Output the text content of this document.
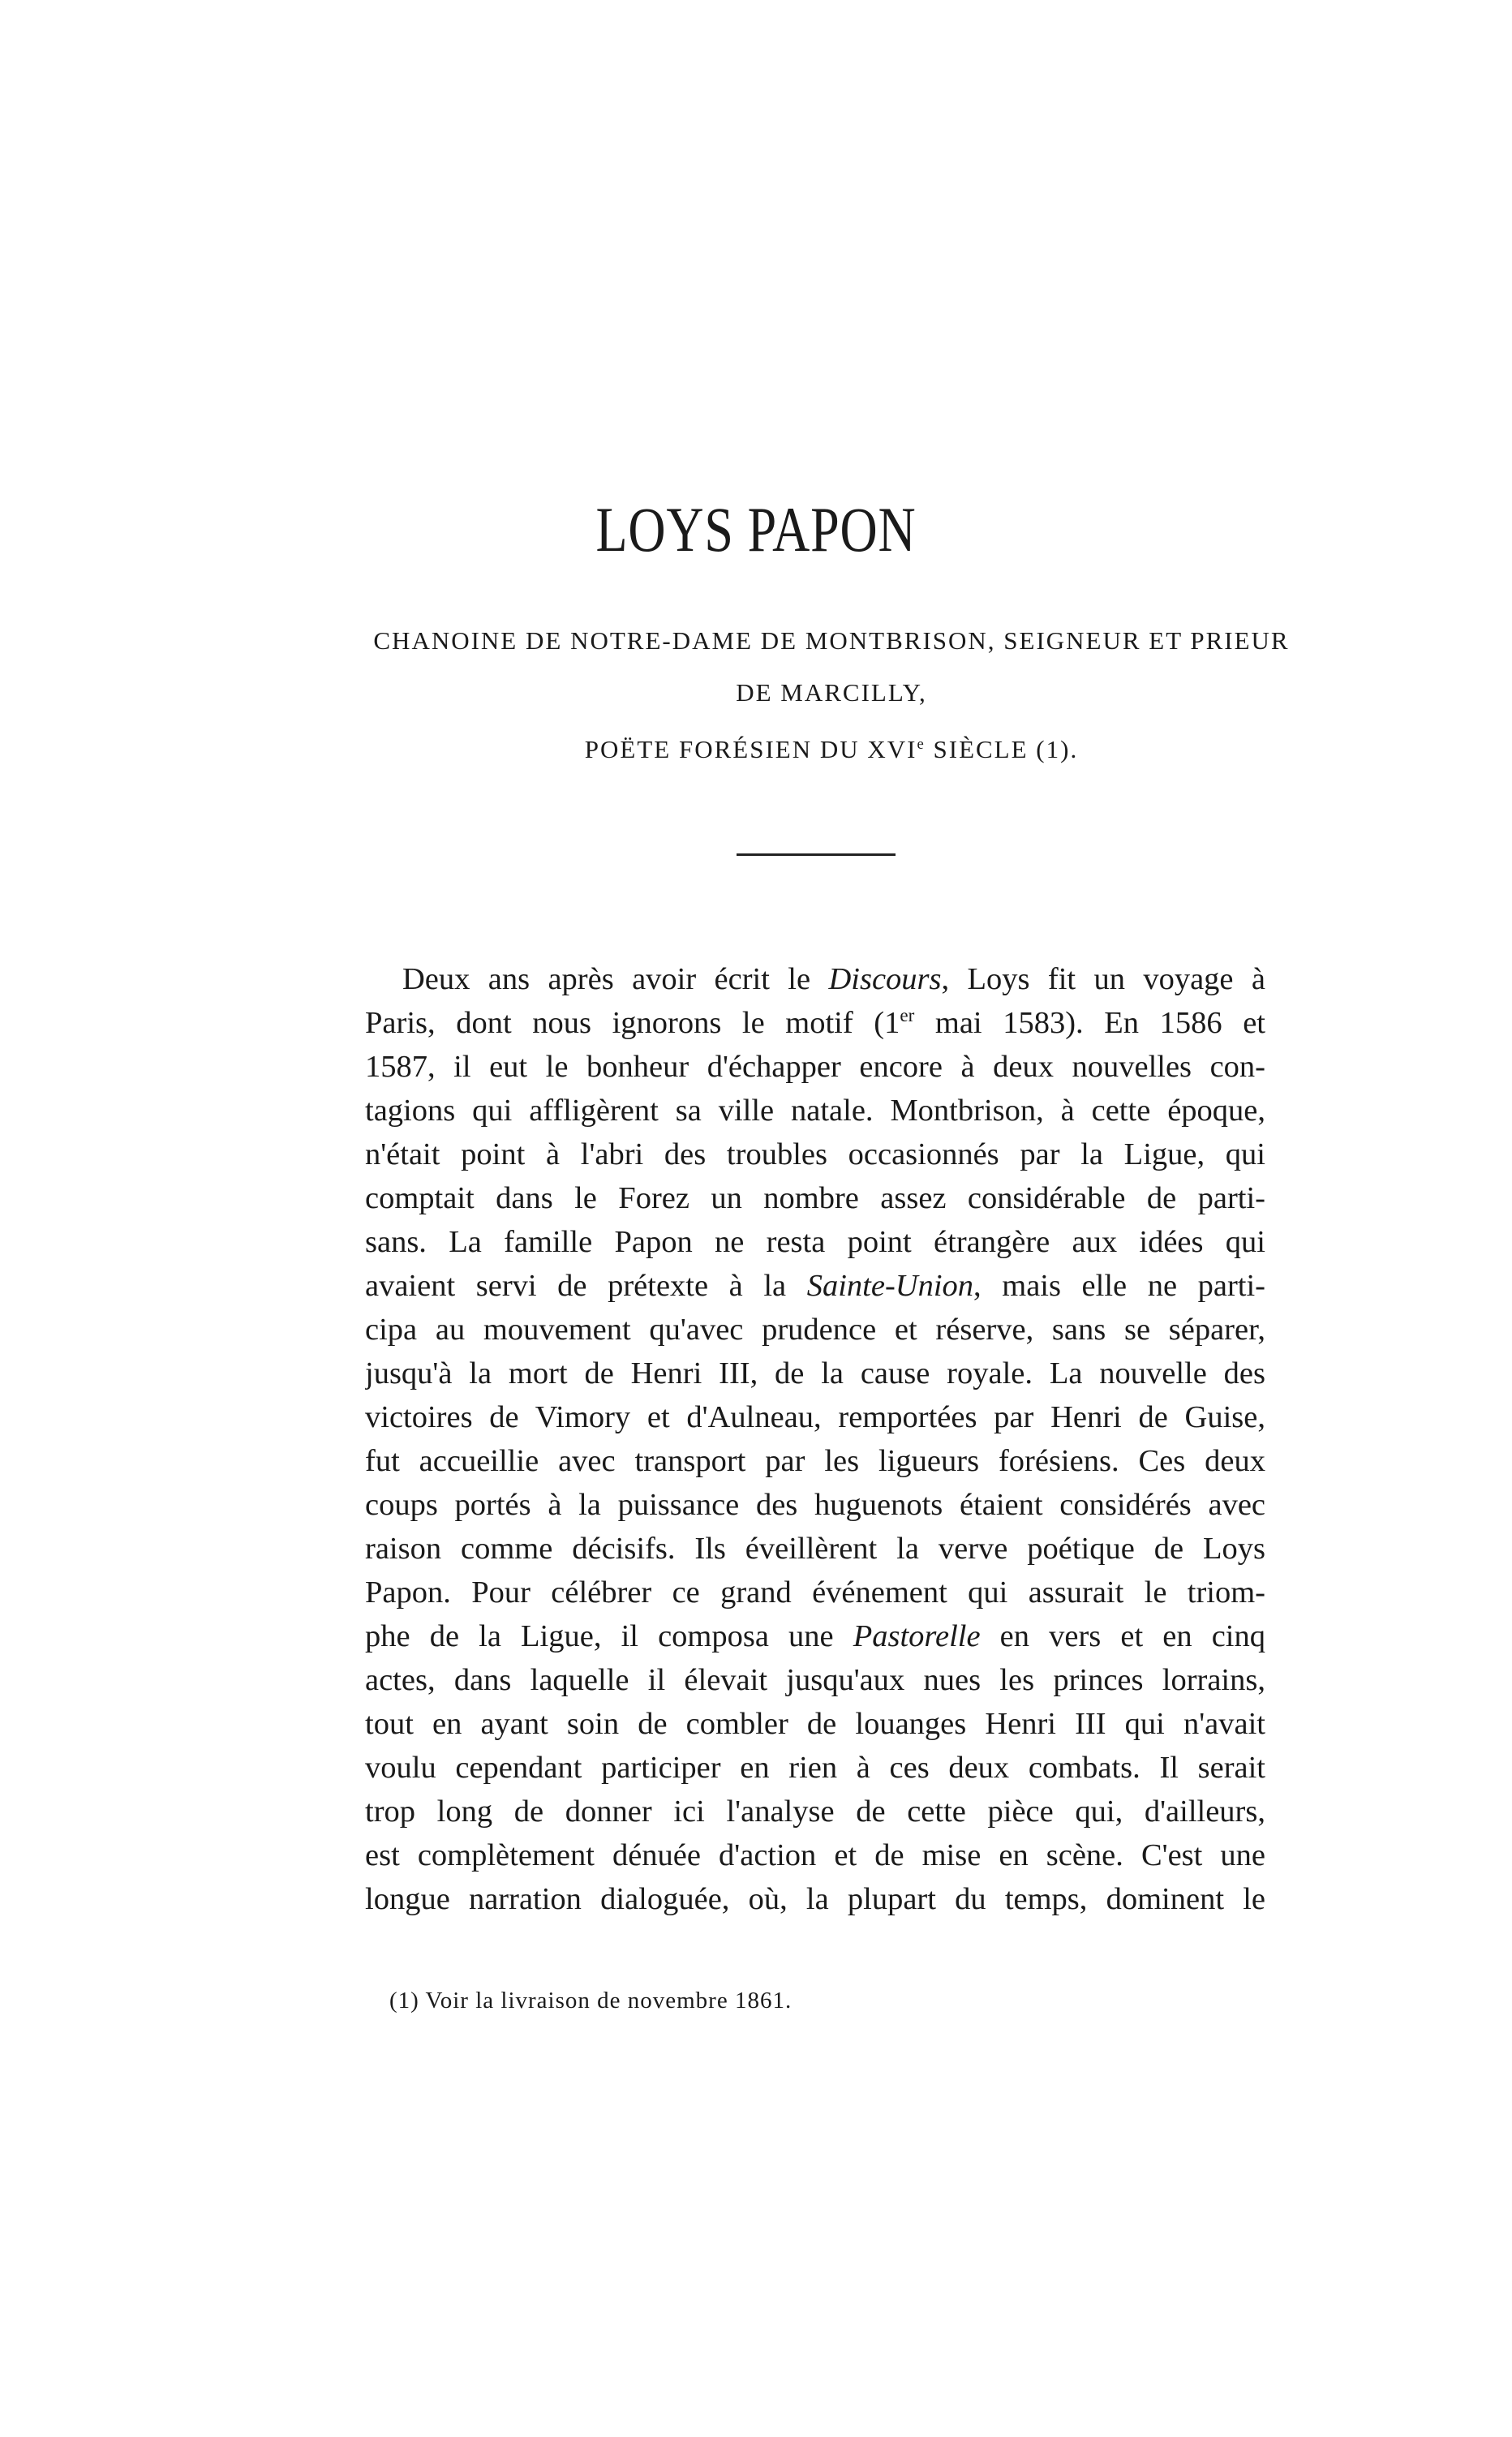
LOYS PAPON
CHANOINE DE NOTRE-DAME DE MONTBRISON, SEIGNEUR ET PRIEUR
DE MARCILLY,
POËTE FORÉSIEN DU XVIe SIÈCLE (1).
Deux ans après avoir écrit le Discours, Loys fit un voyage à
Paris, dont nous ignorons le motif (1er mai 1583). En 1586 et
1587, il eut le bonheur d'échapper encore à deux nouvelles con-
tagions qui affligèrent sa ville natale. Montbrison, à cette époque,
n'était point à l'abri des troubles occasionnés par la Ligue, qui
comptait dans le Forez un nombre assez considérable de parti-
sans. La famille Papon ne resta point étrangère aux idées qui
avaient servi de prétexte à la Sainte-Union, mais elle ne parti-
cipa au mouvement qu'avec prudence et réserve, sans se séparer,
jusqu'à la mort de Henri III, de la cause royale. La nouvelle des
victoires de Vimory et d'Aulneau, remportées par Henri de Guise,
fut accueillie avec transport par les ligueurs forésiens. Ces deux
coups portés à la puissance des huguenots étaient considérés avec
raison comme décisifs. Ils éveillèrent la verve poétique de Loys
Papon. Pour célébrer ce grand événement qui assurait le triom-
phe de la Ligue, il composa une Pastorelle en vers et en cinq
actes, dans laquelle il élevait jusqu'aux nues les princes lorrains,
tout en ayant soin de combler de louanges Henri III qui n'avait
voulu cependant participer en rien à ces deux combats. Il serait
trop long de donner ici l'analyse de cette pièce qui, d'ailleurs,
est complètement dénuée d'action et de mise en scène. C'est une
longue narration dialoguée, où, la plupart du temps, dominent le
(1) Voir la livraison de novembre 1861.
